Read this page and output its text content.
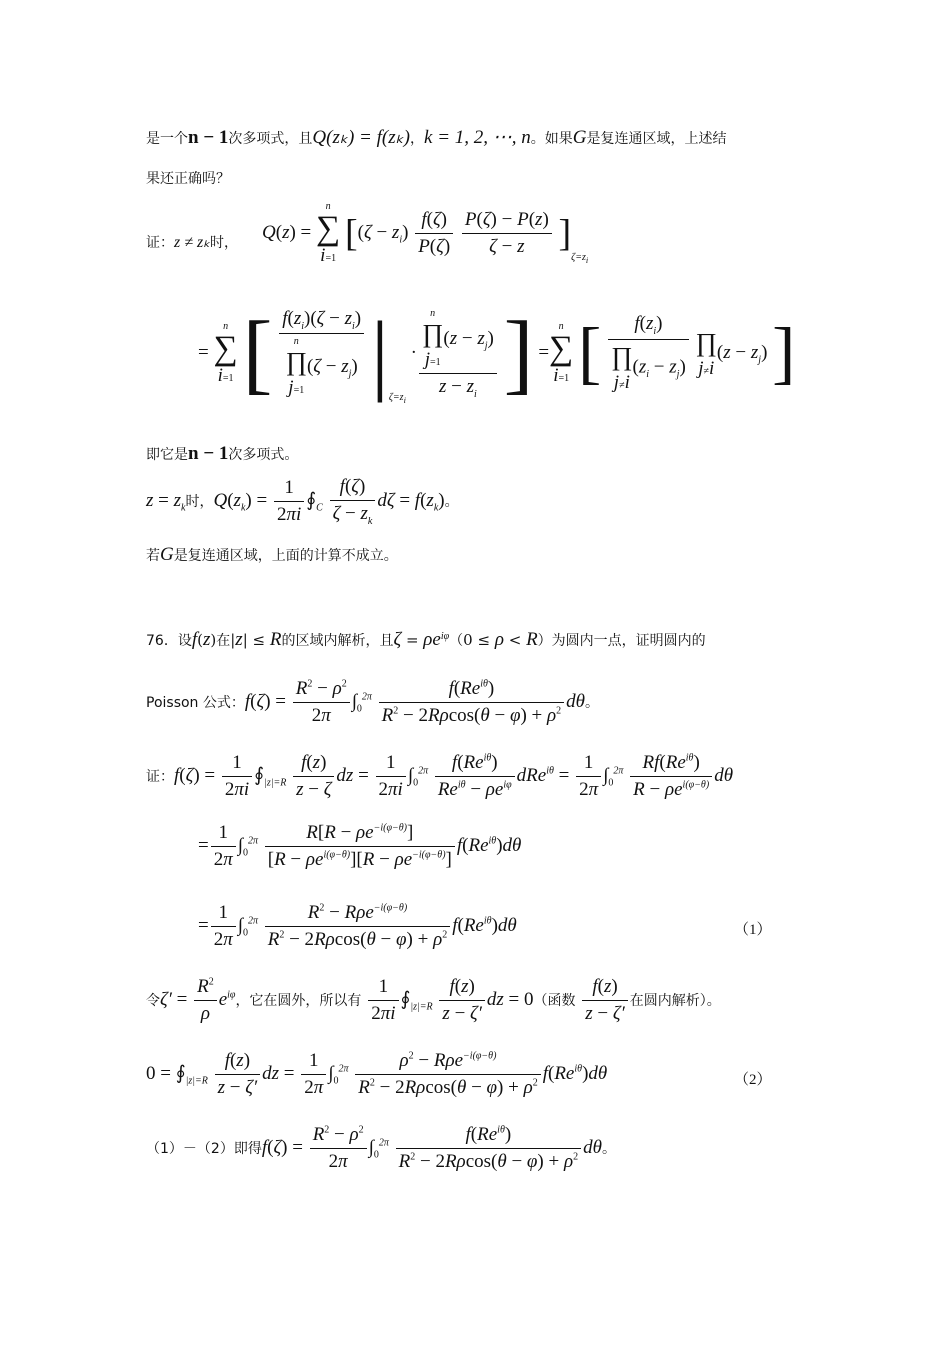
是一个n − 1次多项式，且Q(zₖ) = f(zₖ)，k = 1, 2, ⋯, n。如果G是复连通区域，上述结
果还正确吗？
证：z ≠ zₖ时，
Q(z) =
n
∑
i=1
[$(\zeta - z_i) \frac{f(\zeta)}{P(\zeta)}$
$\frac{P(\zeta) - P(z)}{\zeta - z} ]_{\zeta=z_i}$
=
n
∑
i=1 [ $f(z_i)(\zeta - z_i)$
n
∏
j=1
$(\zeta - z_j)$ $|_{\zeta=z_i} \cdot n$
∏
j=1
$(z - z_j)$
$z - z_i$ ] =
n
∑
i=1 [ $f(z_i)$
∏
j≠i
$(z_i - z_j)$ ∏
j≠i
$(z - z_j)$ ]
即它是n − 1次多项式。
$z = z_k$时，$Q(z_k) = \frac{1}{2\pi i}$ $∮_C \frac{f(\zeta)}{\zeta - z_k}$ $d\zeta = f(z_k)$。
若G是复连通区域，上面的计算不成立。
76．设f(z)在|z| ≤ R的区域内解析，且$\zeta = \rho e^{i\varphi}(0 \le \rho < R)$为圆内一点，证明圆内的
Poisson 公式：$f(\zeta) = \frac{R^2 - \rho^2}{2\pi} \int_0^{2\pi} \frac{f(Re^{i\theta})}{R^2 - 2R\rho\cos(\theta - \varphi) + \rho^2}$ dθ。
证：$f(\zeta) = \frac{1}{2\pi i}$ $∮_{|z|=R} \frac{f(z)}{z - \zeta}$ dz = $\frac{1}{2\pi i} \int_0^{2\pi} \frac{f(Re^{i\theta})}{Re^{i\theta} - \rho e^{i\varphi}} dRe^{i\theta} = \frac{1}{2\pi} \int_0^{2\pi} \frac{Rf(Re^{i\theta})}{R - \rho e^{i(\varphi-\theta)}}$ dθ
= $\frac{1}{2\pi} \int_0^{2\pi} \frac{R[R - \rho e^{-i(\varphi-\theta)}]}{[R - \rho e^{i(\varphi-\theta)}][R - \rho e^{-i(\varphi-\theta)}]} f(Re^{i\theta})d\theta$
= $\frac{1}{2\pi} \int_0^{2\pi} \frac{R^2 - R\rho e^{-i(\varphi-\theta)}}{R^2 - 2R\rho\cos(\theta - \varphi) + \rho^2} f(Re^{i\theta})d\theta$	（1）
令$\zeta' = \frac{R^2}{\rho} e^{i\varphi}$，它在圆外，所以有 $\frac{1}{2\pi i}$ $∮_{|z|=R} \frac{f(z)}{z - \zeta'}$ dz = 0（函数 $\frac{f(z)}{z - \zeta'}$ 在圆内解析）。
$0 = ∮_{|z|=R} \frac{f(z)}{z - \zeta'}$ dz = $\frac{1}{2\pi} \int_0^{2\pi} \frac{\rho^2 - R\rho e^{-i(\varphi-\theta)}}{R^2 - 2R\rho\cos(\theta - \varphi) + \rho^2} f(Re^{i\theta})d\theta$	（2）
（1）－（2）即得$f(\zeta) = \frac{R^2 - \rho^2}{2\pi} \int_0^{2\pi} \frac{f(Re^{i\theta})}{R^2 - 2R\rho\cos(\theta - \varphi) + \rho^2}$ dθ。
